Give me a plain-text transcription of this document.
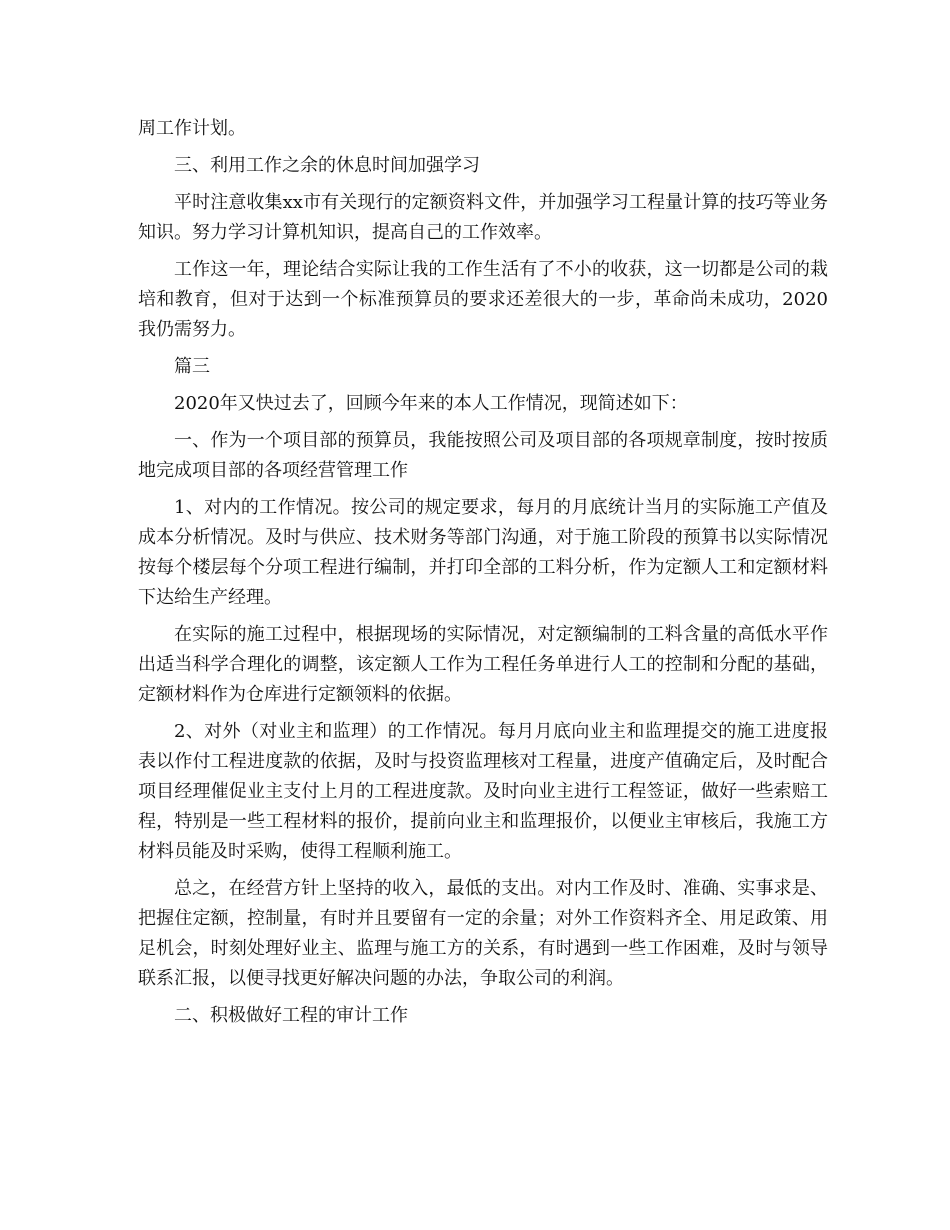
周工作计划。

三、利用工作之余的休息时间加强学习

平时注意收集xx市有关现行的定额资料文件，并加强学习工程量计算的技巧等业务知识。努力学习计算机知识，提高自己的工作效率。

工作这一年，理论结合实际让我的工作生活有了不小的收获，这一切都是公司的栽培和教育，但对于达到一个标准预算员的要求还差很大的一步，革命尚未成功，2020我仍需努力。

篇三

2020年又快过去了，回顾今年来的本人工作情况，现简述如下：

一、作为一个项目部的预算员，我能按照公司及项目部的各项规章制度，按时按质地完成项目部的各项经营管理工作

1、对内的工作情况。按公司的规定要求，每月的月底统计当月的实际施工产值及成本分析情况。及时与供应、技术财务等部门沟通，对于施工阶段的预算书以实际情况按每个楼层每个分项工程进行编制，并打印全部的工料分析，作为定额人工和定额材料下达给生产经理。

在实际的施工过程中，根据现场的实际情况，对定额编制的工料含量的高低水平作出适当科学合理化的调整，该定额人工作为工程任务单进行人工的控制和分配的基础，定额材料作为仓库进行定额领料的依据。

2、对外（对业主和监理）的工作情况。每月月底向业主和监理提交的施工进度报表以作付工程进度款的依据，及时与投资监理核对工程量，进度产值确定后，及时配合项目经理催促业主支付上月的工程进度款。及时向业主进行工程签证，做好一些索赔工程，特别是一些工程材料的报价，提前向业主和监理报价，以便业主审核后，我施工方材料员能及时采购，使得工程顺利施工。

总之，在经营方针上坚持的收入，最低的支出。对内工作及时、准确、实事求是、把握住定额，控制量，有时并且要留有一定的余量；对外工作资料齐全、用足政策、用足机会，时刻处理好业主、监理与施工方的关系，有时遇到一些工作困难，及时与领导联系汇报，以便寻找更好解决问题的办法，争取公司的利润。

二、积极做好工程的审计工作
